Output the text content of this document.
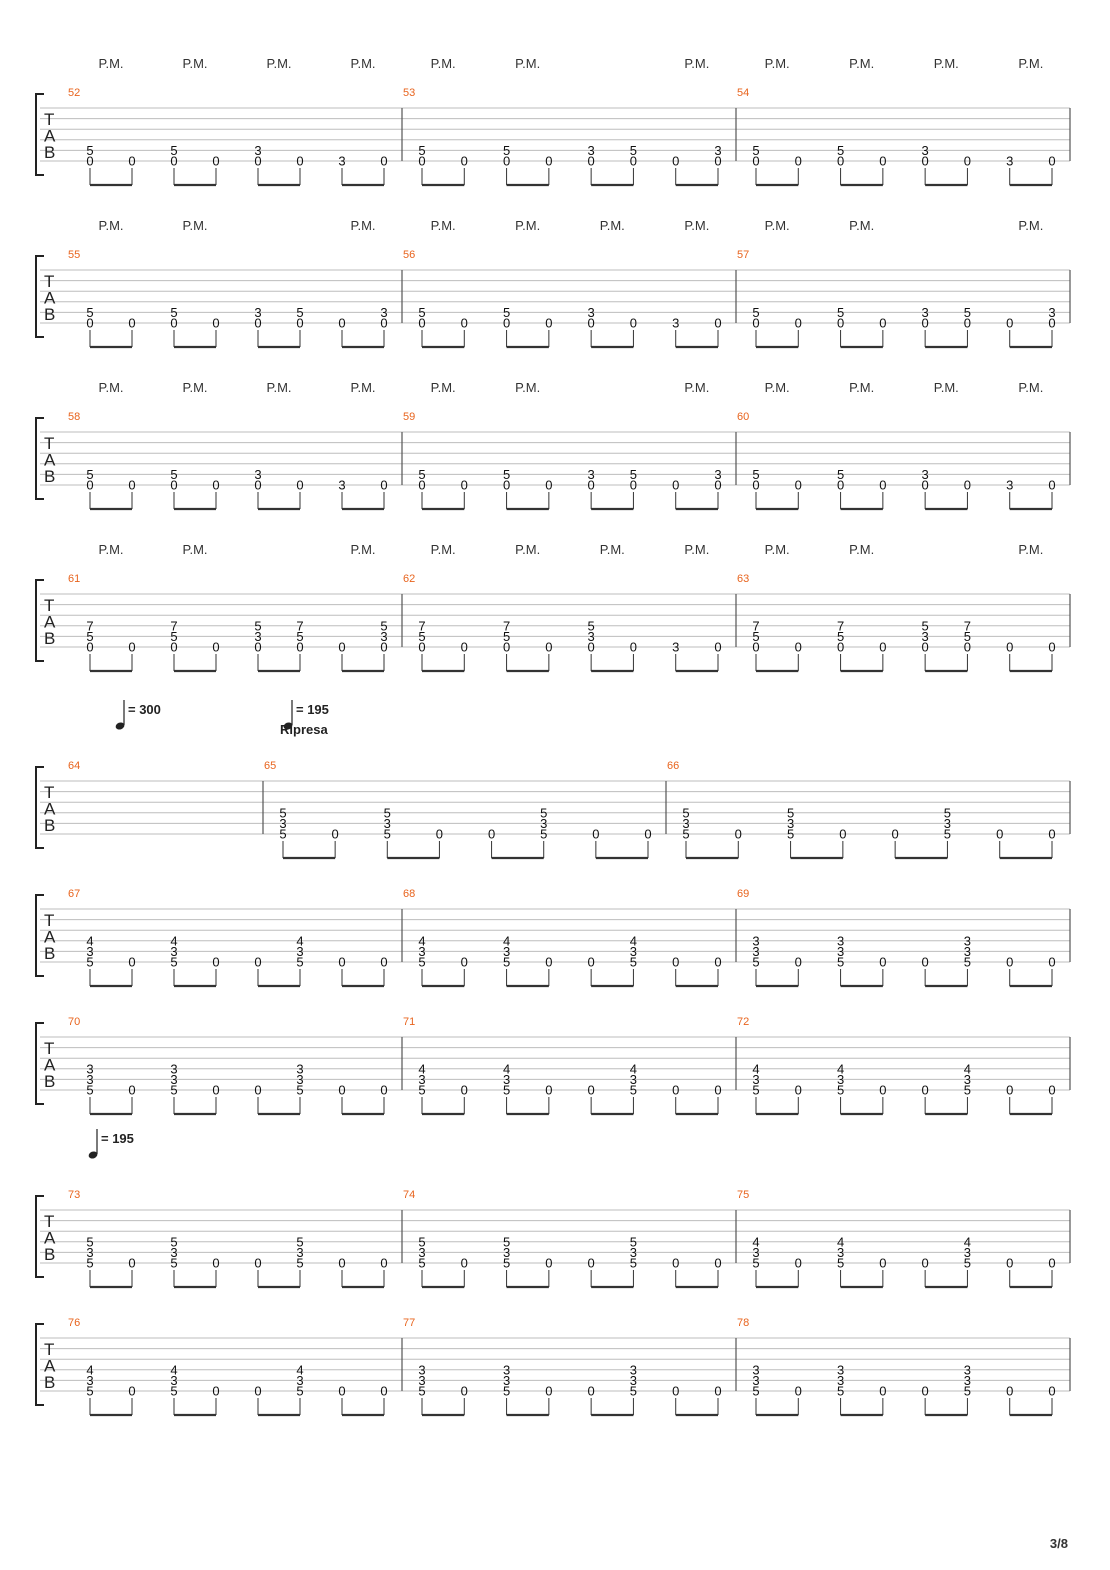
T
A
B
52
5
0	0
5
0	0
3
0	0	3	0
P.M.	P.M.	P.M.	P.M.
53
5
0	0
5
0	0
3
0
5
0	0
3
0
P.M.	P.M.	P.M.
54
5
0	0
5
0	0
3
0	0	3	0
P.M.	P.M.	P.M.	P.M.
T
A
B
55
5
0	0
5
0	0
3
0
5
0	0
3
0
P.M.	P.M.	P.M.
56
5
0	0
5
0	0
3
0	0	3	0
P.M.	P.M.	P.M.	P.M.
57
5
0	0
5
0	0
3
0
5
0	0
3
0
P.M.	P.M.	P.M.
T
A
B
58
5
0	0
5
0	0
3
0	0	3	0
P.M.	P.M.	P.M.	P.M.
59
5
0	0
5
0	0
3
0
5
0	0
3
0
P.M.	P.M.	P.M.
60
5
0	0
5
0	0
3
0	0	3	0
P.M.	P.M.	P.M.	P.M.
T
A
B
61
7
5
0	0
7
5
0	0
5
3
0
7
5
0	0
5
3
0
P.M.	P.M.	P.M.
62
7
5
0	0
7
5
0	0
5
3
0	0	3	0
P.M.	P.M.	P.M.	P.M.
63
7
5
0	0
7
5
0	0
5
3
0
7
5
0	0	0
P.M.	P.M.	P.M.
T
A
B
64	65
5
3
5	0
5
3
5	0	0
5
3
5	0	0
66
5
3
5	0
5
3
5	0	0
5
3
5	0	0
= 300	= 195
Ripresa
T
A
B
67
4
3
5	0
4
3
5	0	0
4
3
5	0	0
68
4
3
5	0
4
3
5	0	0
4
3
5	0	0
69
3
3
5	0
3
3
5	0	0
3
3
5	0	0
T
A
B
70
3
3
5	0
3
3
5	0	0
3
3
5	0	0
71
4
3
5	0
4
3
5	0	0
4
3
5	0	0
72
4
3
5	0
4
3
5	0	0
4
3
5	0	0
T
A
B
73
5
3
5	0
5
3
5	0	0
5
3
5	0	0
74
5
3
5	0
5
3
5	0	0
5
3
5	0	0
75
4
3
5	0
4
3
5	0	0
4
3
5	0	0
= 195
T
A
B
76
4
3
5	0
4
3
5	0	0
4
3
5	0	0
77
3
3
5	0
3
3
5	0	0
3
3
5	0	0
78
3
3
5	0
3
3
5	0	0
3
3
5	0	0
3/8
